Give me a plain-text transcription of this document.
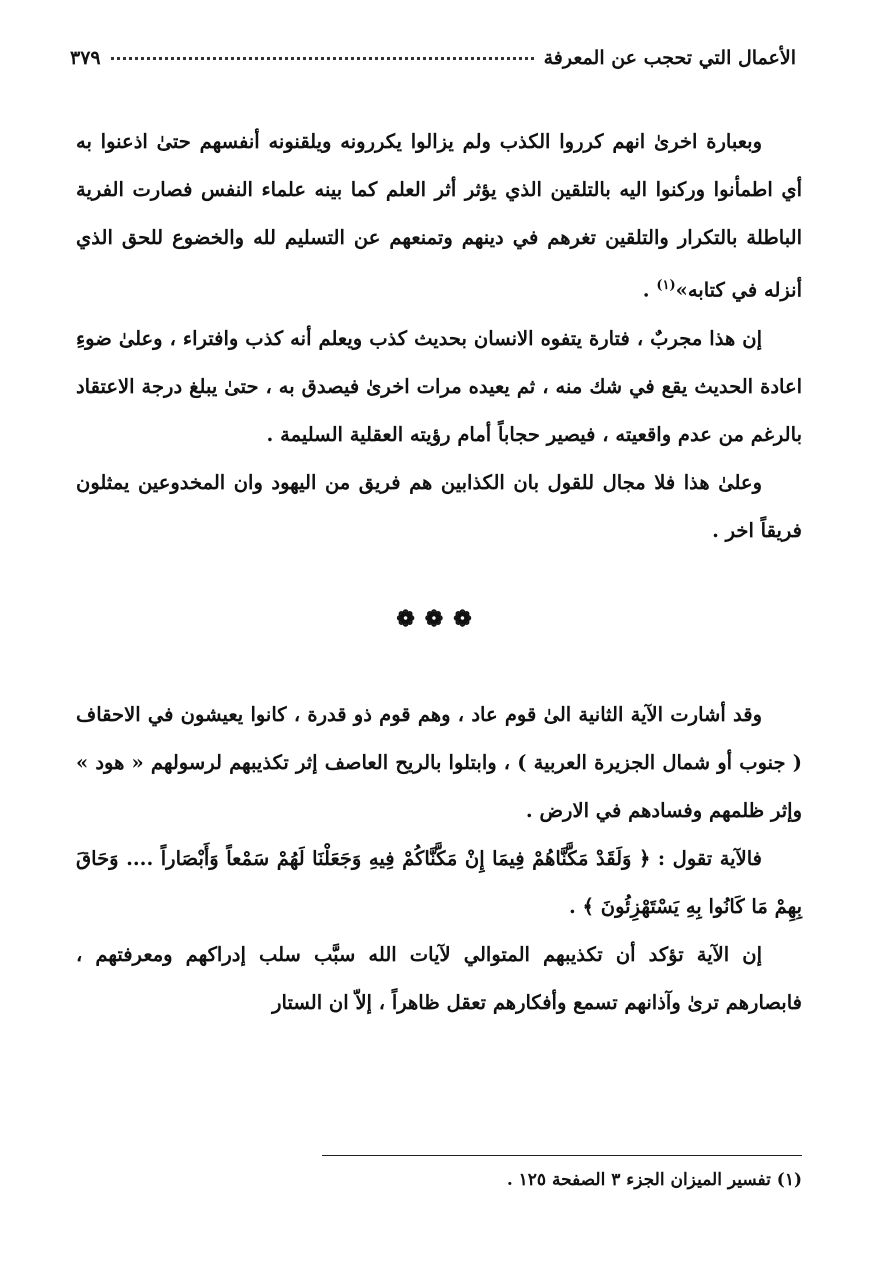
الأعمال التي تحجب عن المعرفة
٣٧٩

وبعبارة اخرىٰ انهم كرروا الكذب ولم يزالوا يكررونه ويلقنونه أنفسهم حتىٰ اذعنوا به أي اطمأنوا وركنوا اليه بالتلقين الذي يؤثر أثر العلم كما بينه علماء النفس فصارت الفرية الباطلة بالتكرار والتلقين تغرهم في دينهم وتمنعهم عن التسليم لله والخضوع للحق الذي أنزله في كتابه»$^{(١)}$ .

إن هذا مجربٌ ، فتارة يتفوه الانسان بحديث كذب ويعلم أنه كذب وافتراء ، وعلىٰ ضوءِ اعادة الحديث يقع في شك منه ، ثم يعيده مرات اخرىٰ فيصدق به ، حتىٰ يبلغ درجة الاعتقاد بالرغم من عدم واقعيته ، فيصير حجاباً أمام رؤيته العقلية السليمة .

وعلىٰ هذا فلا مجال للقول بان الكذابين هم فريق من اليهود وان المخدوعين يمثلون فريقاً اخر .

❁❁❁

وقد أشارت الآية الثانية الىٰ قوم عاد ، وهم قوم ذو قدرة ، كانوا يعيشون في الاحقاف ( جنوب أو شمال الجزيرة العربية ) ، وابتلوا بالريح العاصف إثر تكذيبهم لرسولهم « هود » وإثر ظلمهم وفسادهم في الارض .

فالآية تقول : ﴿ وَلَقَدْ مَكَّنَّاهُمْ فِيمَا إِنْ مَكَّنَّاكُمْ فِيهِ وَجَعَلْنَا لَهُمْ سَمْعاً وَأَبْصَاراً .... وَحَاقَ بِهِمْ مَا كَانُوا بِهِ يَسْتَهْزِئُونَ ﴾ .

إن الآية تؤكد أن تكذيبهم المتوالي لآيات الله سبَّب سلب إدراكهم ومعرفتهم ، فابصارهم ترىٰ وآذانهم تسمع وأفكارهم تعقل ظاهراً ، إلاّ ان الستار

(١) تفسير الميزان الجزء ٣ الصفحة ١٢٥ .
